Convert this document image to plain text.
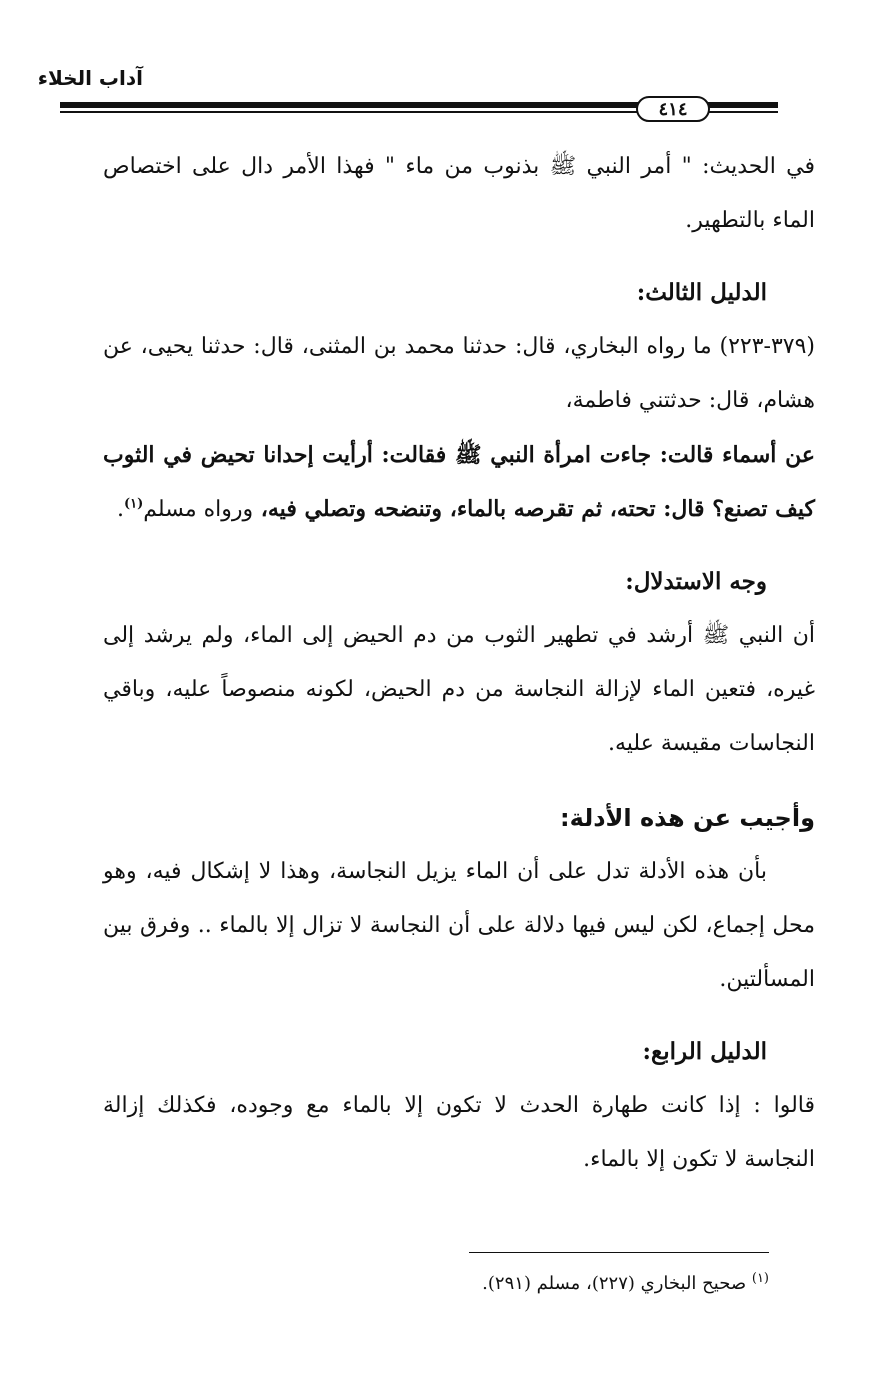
آداب الخلاء
٤١٤

في الحديث: " أمر النبي ﷺ بذنوب من ماء " فهذا الأمر دال على اختصاص الماء بالتطهير.

الدليل الثالث:

(٣٧٩-٢٢٣) ما رواه البخاري، قال: حدثنا محمد بن المثنى، قال: حدثنا يحيى، عن هشام، قال: حدثتني فاطمة،

عن أسماء قالت: جاءت امرأة النبي ﷺ فقالت: أرأيت إحدانا تحيض في الثوب كيف تصنع؟ قال: تحته، ثم تقرصه بالماء، وتنضحه وتصلي فيه، ورواه مسلم$^{(١)}$.

وجه الاستدلال:

أن النبي ﷺ أرشد في تطهير الثوب من دم الحيض إلى الماء، ولم يرشد إلى غيره، فتعين الماء لإزالة النجاسة من دم الحيض، لكونه منصوصاً عليه، وباقي النجاسات مقيسة عليه.

وأجيب عن هذه الأدلة:

بأن هذه الأدلة تدل على أن الماء يزيل النجاسة، وهذا لا إشكال فيه، وهو محل إجماع، لكن ليس فيها دلالة على أن النجاسة لا تزال إلا بالماء .. وفرق بين المسألتين.

الدليل الرابع:

قالوا : إذا كانت طهارة الحدث لا تكون إلا بالماء مع وجوده، فكذلك إزالة النجاسة لا تكون إلا بالماء.

$^{(١)}$ صحيح البخاري (٢٢٧)، مسلم (٢٩١).
